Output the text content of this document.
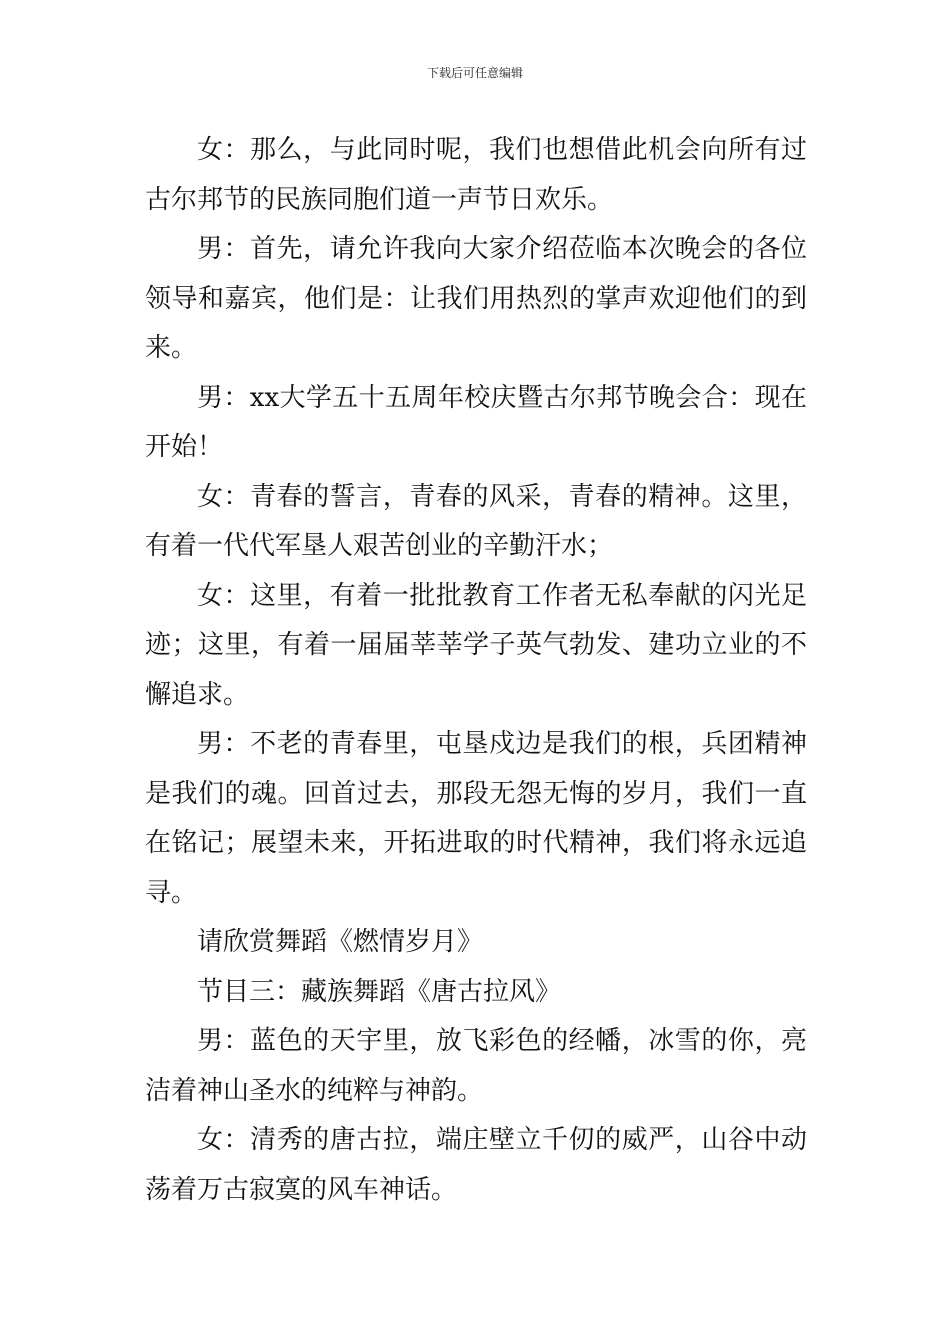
下载后可任意编辑

女：那么，与此同时呢，我们也想借此机会向所有过古尔邦节的民族同胞们道一声节日欢乐。

男：首先，请允许我向大家介绍莅临本次晚会的各位领导和嘉宾，他们是：让我们用热烈的掌声欢迎他们的到来。

男：xx大学五十五周年校庆暨古尔邦节晚会合：现在开始！

女：青春的誓言，青春的风采，青春的精神。这里，有着一代代军垦人艰苦创业的辛勤汗水；

女：这里，有着一批批教育工作者无私奉献的闪光足迹；这里，有着一届届莘莘学子英气勃发、建功立业的不懈追求。

男：不老的青春里，屯垦戍边是我们的根，兵团精神是我们的魂。回首过去，那段无怨无悔的岁月，我们一直在铭记；展望未来，开拓进取的时代精神，我们将永远追寻。

请欣赏舞蹈《燃情岁月》

节目三：藏族舞蹈《唐古拉风》

男：蓝色的天宇里，放飞彩色的经幡，冰雪的你，亮洁着神山圣水的纯粹与神韵。

女：清秀的唐古拉，端庄壁立千仞的威严，山谷中动荡着万古寂寞的风车神话。
